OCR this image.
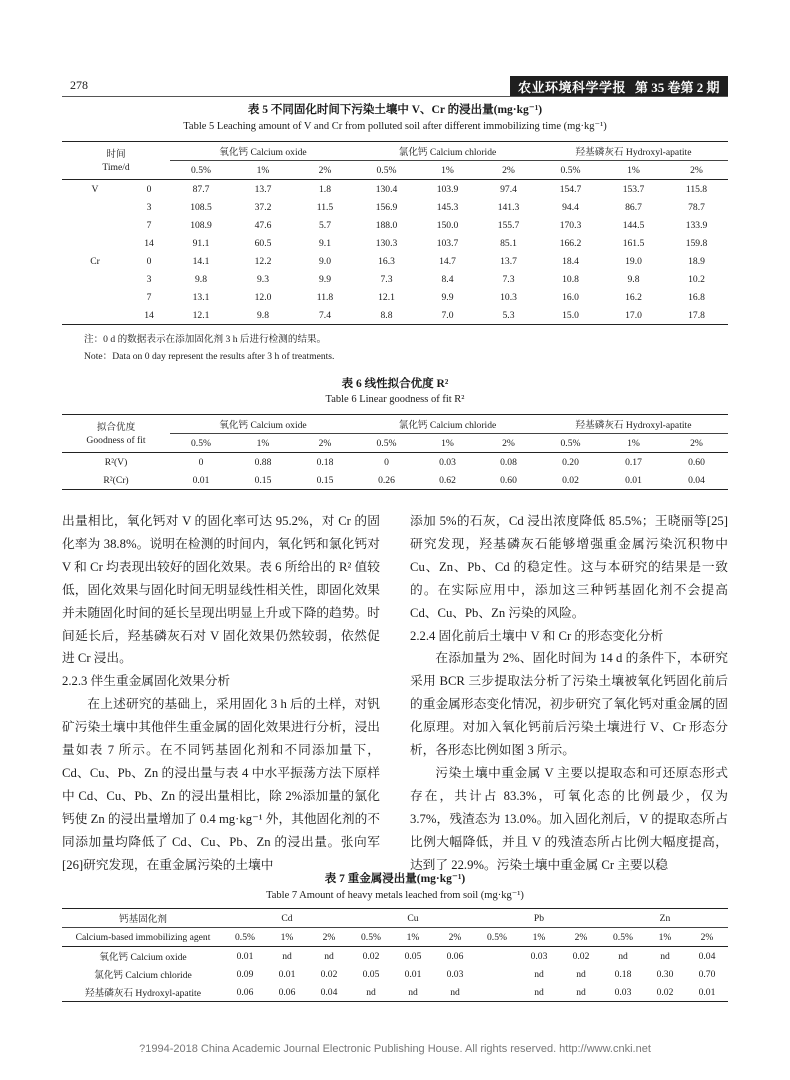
278	农业环境科学学报 第 35 卷第 2 期
表 5 不同固化时间下污染土壤中 V、Cr 的浸出量(mg·kg⁻¹)
Table 5 Leaching amount of V and Cr from polluted soil after different immobilizing time (mg·kg⁻¹)
时间
Time/d		氧化钙 Calcium oxide			氯化钙 Calcium chloride			羟基磷灰石 Hydroxyl-apatite		
		0.5%	1%	2%	0.5%	1%	2%	0.5%	1%	2%
V	0	87.7	13.7	1.8	130.4	103.9	97.4	154.7	153.7	115.8
	3	108.5	37.2	11.5	156.9	145.3	141.3	94.4	86.7	78.7
	7	108.9	47.6	5.7	188.0	150.0	155.7	170.3	144.5	133.9
	14	91.1	60.5	9.1	130.3	103.7	85.1	166.2	161.5	159.8
Cr	0	14.1	12.2	9.0	16.3	14.7	13.7	18.4	19.0	18.9
	3	9.8	9.3	9.9	7.3	8.4	7.3	10.8	9.8	10.2
	7	13.1	12.0	11.8	12.1	9.9	10.3	16.0	16.2	16.8
	14	12.1	9.8	7.4	8.8	7.0	5.3	15.0	17.0	17.8
注：0 d 的数据表示在添加固化剂 3 h 后进行检测的结果。
Note：Data on 0 day represent the results after 3 h of treatments.
表 6 线性拟合优度 R²
Table 6 Linear goodness of fit R²
拟合优度
Goodness of fit	氧化钙 Calcium oxide			氯化钙 Calcium chloride			羟基磷灰石 Hydroxyl-apatite		
	0.5%	1%	2%	0.5%	1%	2%	0.5%	1%	2%
R²(V)	0	0.88	0.18	0	0.03	0.08	0.20	0.17	0.60
R²(Cr)	0.01	0.15	0.15	0.26	0.62	0.60	0.02	0.01	0.04

出量相比，氧化钙对 V 的固化率可达 95.2%，对 Cr 的固化率为 38.8%。说明在检测的时间内，氧化钙和氯化钙对 V 和 Cr 均表现出较好的固化效果。表 6 所给出的 R² 值较低，固化效果与固化时间无明显线性相关性，即固化效果并未随固化时间的延长呈现出明显上升或下降的趋势。时间延长后，羟基磷灰石对 V 固化效果仍然较弱，依然促进 Cr 浸出。

2.2.3 伴生重金属固化效果分析

在上述研究的基础上，采用固化 3 h 后的土样，对钒矿污染土壤中其他伴生重金属的固化效果进行分析，浸出量如表 7 所示。在不同钙基固化剂和不同添加量下，Cd、Cu、Pb、Zn 的浸出量与表 4 中水平振荡方法下原样中 Cd、Cu、Pb、Zn 的浸出量相比，除 2%添加量的氯化钙使 Zn 的浸出量增加了 0.4 mg·kg⁻¹ 外，其他固化剂的不同添加量均降低了 Cd、Cu、Pb、Zn 的浸出量。张向军[26]研究发现，在重金属污染的土壤中

添加 5%的石灰，Cd 浸出浓度降低 85.5%；王晓丽等[25]研究发现，羟基磷灰石能够增强重金属污染沉积物中 Cu、Zn、Pb、Cd 的稳定性。这与本研究的结果是一致的。在实际应用中，添加这三种钙基固化剂不会提高 Cd、Cu、Pb、Zn 污染的风险。

2.2.4 固化前后土壤中 V 和 Cr 的形态变化分析

在添加量为 2%、固化时间为 14 d 的条件下，本研究采用 BCR 三步提取法分析了污染土壤被氧化钙固化前后的重金属形态变化情况，初步研究了氧化钙对重金属的固化原理。对加入氧化钙前后污染土壤进行 V、Cr 形态分析，各形态比例如图 3 所示。

污染土壤中重金属 V 主要以提取态和可还原态形式存在，共计占 83.3%，可氧化态的比例最少，仅为 3.7%，残渣态为 13.0%。加入固化剂后，V 的提取态所占比例大幅降低，并且 V 的残渣态所占比例大幅度提高，达到了 22.9%。污染土壤中重金属 Cr 主要以稳

表 7 重金属浸出量(mg·kg⁻¹)
Table 7 Amount of heavy metals leached from soil (mg·kg⁻¹)
钙基固化剂	Cd			Cu			Pb			Zn		
Calcium-based immobilizing agent	0.5%	1%	2%	0.5%	1%	2%	0.5%	1%	2%	0.5%	1%	2%
氧化钙 Calcium oxide	0.01	nd	nd	0.02	0.05	0.06		0.03	0.02	nd	nd	0.04
氯化钙 Calcium chloride	0.09	0.01	0.02	0.05	0.01	0.03		nd	nd	0.18	0.30	0.70
羟基磷灰石 Hydroxyl-apatite	0.06	0.06	0.04	nd	nd	nd		nd	nd	0.03	0.02	0.01
?1994-2018 China Academic Journal Electronic Publishing House. All rights reserved. http://www.cnki.net
